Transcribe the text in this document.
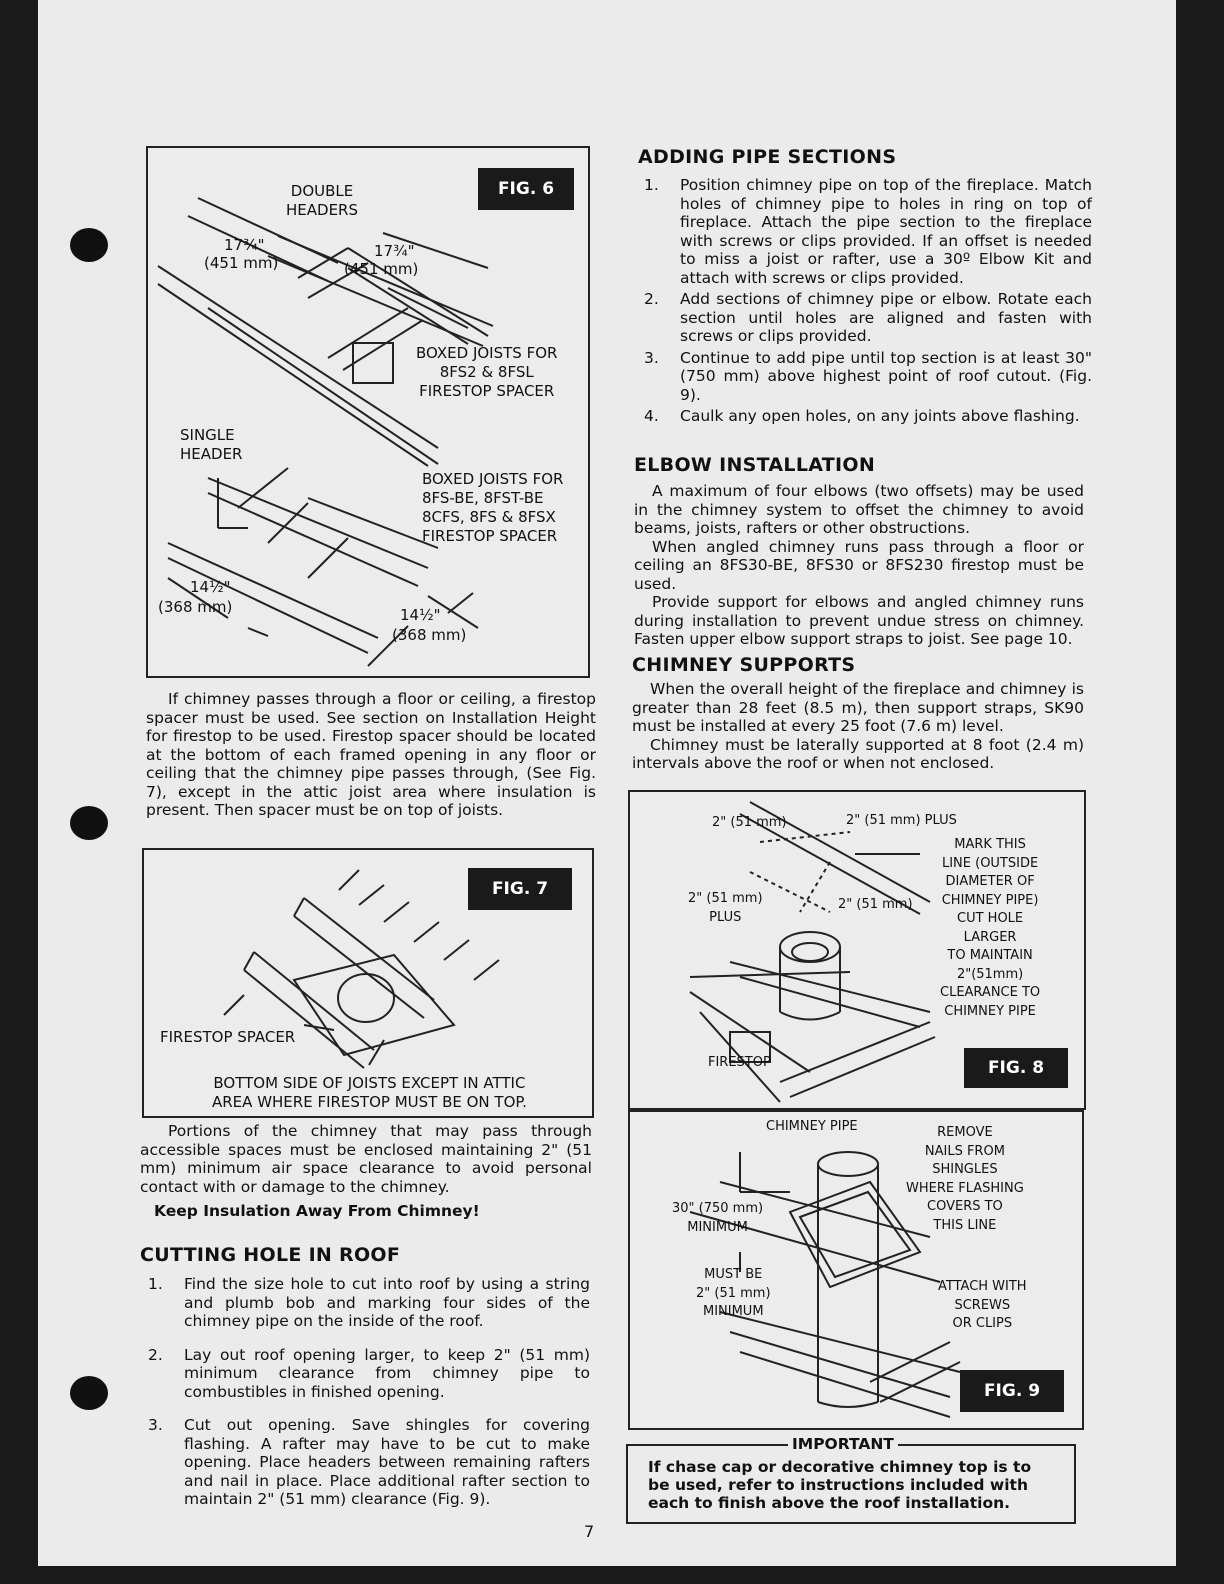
FIG. 6
DOUBLE
HEADERS
17¾"
(451 mm)
17¾"
(451 mm)
BOXED JOISTS FOR
8FS2 & 8FSL
FIRESTOP SPACER
SINGLE
HEADER
BOXED JOISTS FOR
8FS-BE, 8FST-BE
8CFS, 8FS & 8FSX
FIRESTOP SPACER
14½"
(368 mm)	14½"
(368 mm)

If chimney passes through a floor or ceiling, a firestop spacer must be used. See section on Installation Height for firestop to be used. Firestop spacer should be located at the bottom of each framed opening in any floor or ceiling that the chimney pipe passes through, (See Fig. 7), except in the attic joist area where insulation is present. Then spacer must be on top of joists.

FIG. 7
FIRESTOP SPACER
BOTTOM SIDE OF JOISTS EXCEPT IN ATTIC
AREA WHERE FIRESTOP MUST BE ON TOP.

Portions of the chimney that may pass through accessible spaces must be enclosed maintaining 2" (51 mm) minimum air space clearance to avoid personal contact with or damage to the chimney.

Keep Insulation Away From Chimney!
CUTTING HOLE IN ROOF
1. Find the size hole to cut into roof by using a string and plumb bob and marking four sides of the chimney pipe on the inside of the roof.
2. Lay out roof opening larger, to keep 2" (51 mm) minimum clearance from chimney pipe to combustibles in finished opening.
3. Cut out opening. Save shingles for covering flashing. A rafter may have to be cut to make opening. Place headers between remaining rafters and nail in place. Place additional rafter section to maintain 2" (51 mm) clearance (Fig. 9).
ADDING PIPE SECTIONS
1. Position chimney pipe on top of the fireplace. Match holes of chimney pipe to holes in ring on top of fireplace. Attach the pipe section to the fireplace with screws or clips provided. If an offset is needed to miss a joist or rafter, use a 30º Elbow Kit and attach with screws or clips provided.
2. Add sections of chimney pipe or elbow. Rotate each section until holes are aligned and fasten with screws or clips provided.
3. Continue to add pipe until top section is at least 30" (750 mm) above highest point of roof cutout. (Fig. 9).
4. Caulk any open holes, on any joints above flashing.
ELBOW INSTALLATION

A maximum of four elbows (two offsets) may be used in the chimney system to offset the chimney to avoid beams, joists, rafters or other obstructions.

When angled chimney runs pass through a floor or ceiling an 8FS30-BE, 8FS30 or 8FS230 firestop must be used.

Provide support for elbows and angled chimney runs during installation to prevent undue stress on chimney. Fasten upper elbow support straps to joist. See page 10.

CHIMNEY SUPPORTS

When the overall height of the fireplace and chimney is greater than 28 feet (8.5 m), then support straps, SK90 must be installed at every 25 foot (7.6 m) level.

Chimney must be laterally supported at 8 foot (2.4 m) intervals above the roof or when not enclosed.

FIG. 8
2" (51 mm)	2" (51 mm) PLUS
2" (51 mm)
PLUS
2" (51 mm)
MARK THIS
LINE (OUTSIDE
DIAMETER OF
CHIMNEY PIPE)
CUT HOLE
LARGER
TO MAINTAIN
2"(51mm)
CLEARANCE TO
CHIMNEY PIPE
FIRESTOP
FIG. 9
CHIMNEY PIPE	REMOVE
NAILS FROM
SHINGLES
WHERE FLASHING
COVERS TO
THIS LINE
30" (750 mm)
MINIMUM
MUST BE
2" (51 mm)
MINIMUM
ATTACH WITH
SCREWS
OR CLIPS
IMPORTANT
If chase cap or decorative chimney top is to be used, refer to instructions included with each to finish above the roof installation.
7
